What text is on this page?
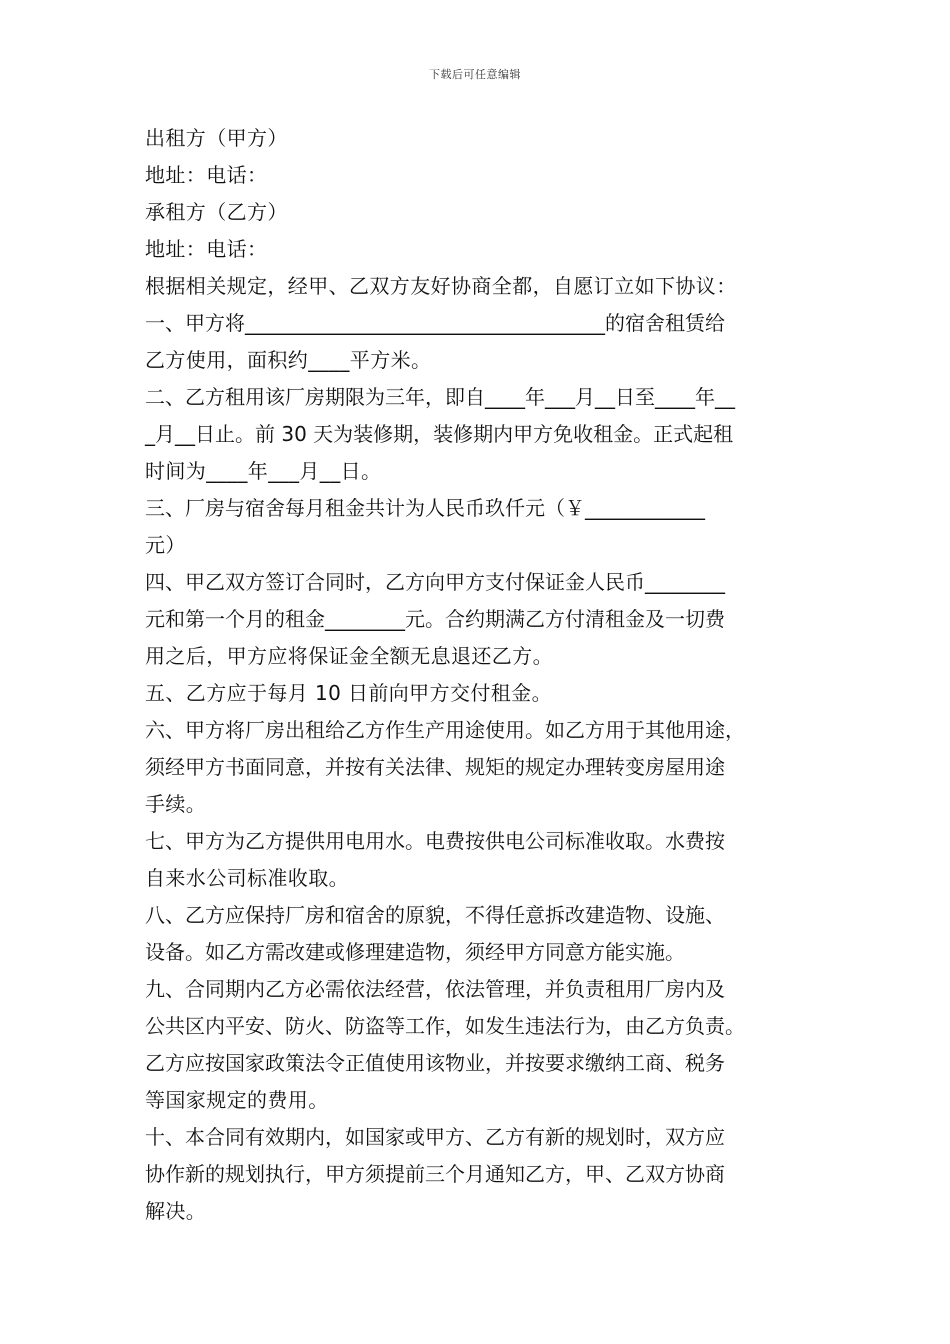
下载后可任意编辑
出租方（甲方）
地址：电话：
承租方（乙方）
地址：电话：
根据相关规定，经甲、乙双方友好协商全都，自愿订立如下协议：
一、甲方将____________________________________的宿舍租赁给
乙方使用，面积约____平方米。
二、乙方租用该厂房期限为三年，即自____年___月__日至____年__
_月__日止。前 30 天为装修期，装修期内甲方免收租金。正式起租
时间为____年___月__日。
三、厂房与宿舍每月租金共计为人民币玖仟元（￥____________
元）
四、甲乙双方签订合同时，乙方向甲方支付保证金人民币________
元和第一个月的租金________元。合约期满乙方付清租金及一切费
用之后，甲方应将保证金全额无息退还乙方。
五、乙方应于每月 10 日前向甲方交付租金。
六、甲方将厂房出租给乙方作生产用途使用。如乙方用于其他用途，
须经甲方书面同意，并按有关法律、规矩的规定办理转变房屋用途
手续。
七、甲方为乙方提供用电用水。电费按供电公司标准收取。水费按
自来水公司标准收取。
八、乙方应保持厂房和宿舍的原貌，不得任意拆改建造物、设施、
设备。如乙方需改建或修理建造物，须经甲方同意方能实施。
九、合同期内乙方必需依法经营，依法管理，并负责租用厂房内及
公共区内平安、防火、防盗等工作，如发生违法行为，由乙方负责。
乙方应按国家政策法令正值使用该物业，并按要求缴纳工商、税务
等国家规定的费用。
十、本合同有效期内，如国家或甲方、乙方有新的规划时，双方应
协作新的规划执行，甲方须提前三个月通知乙方，甲、乙双方协商
解决。
